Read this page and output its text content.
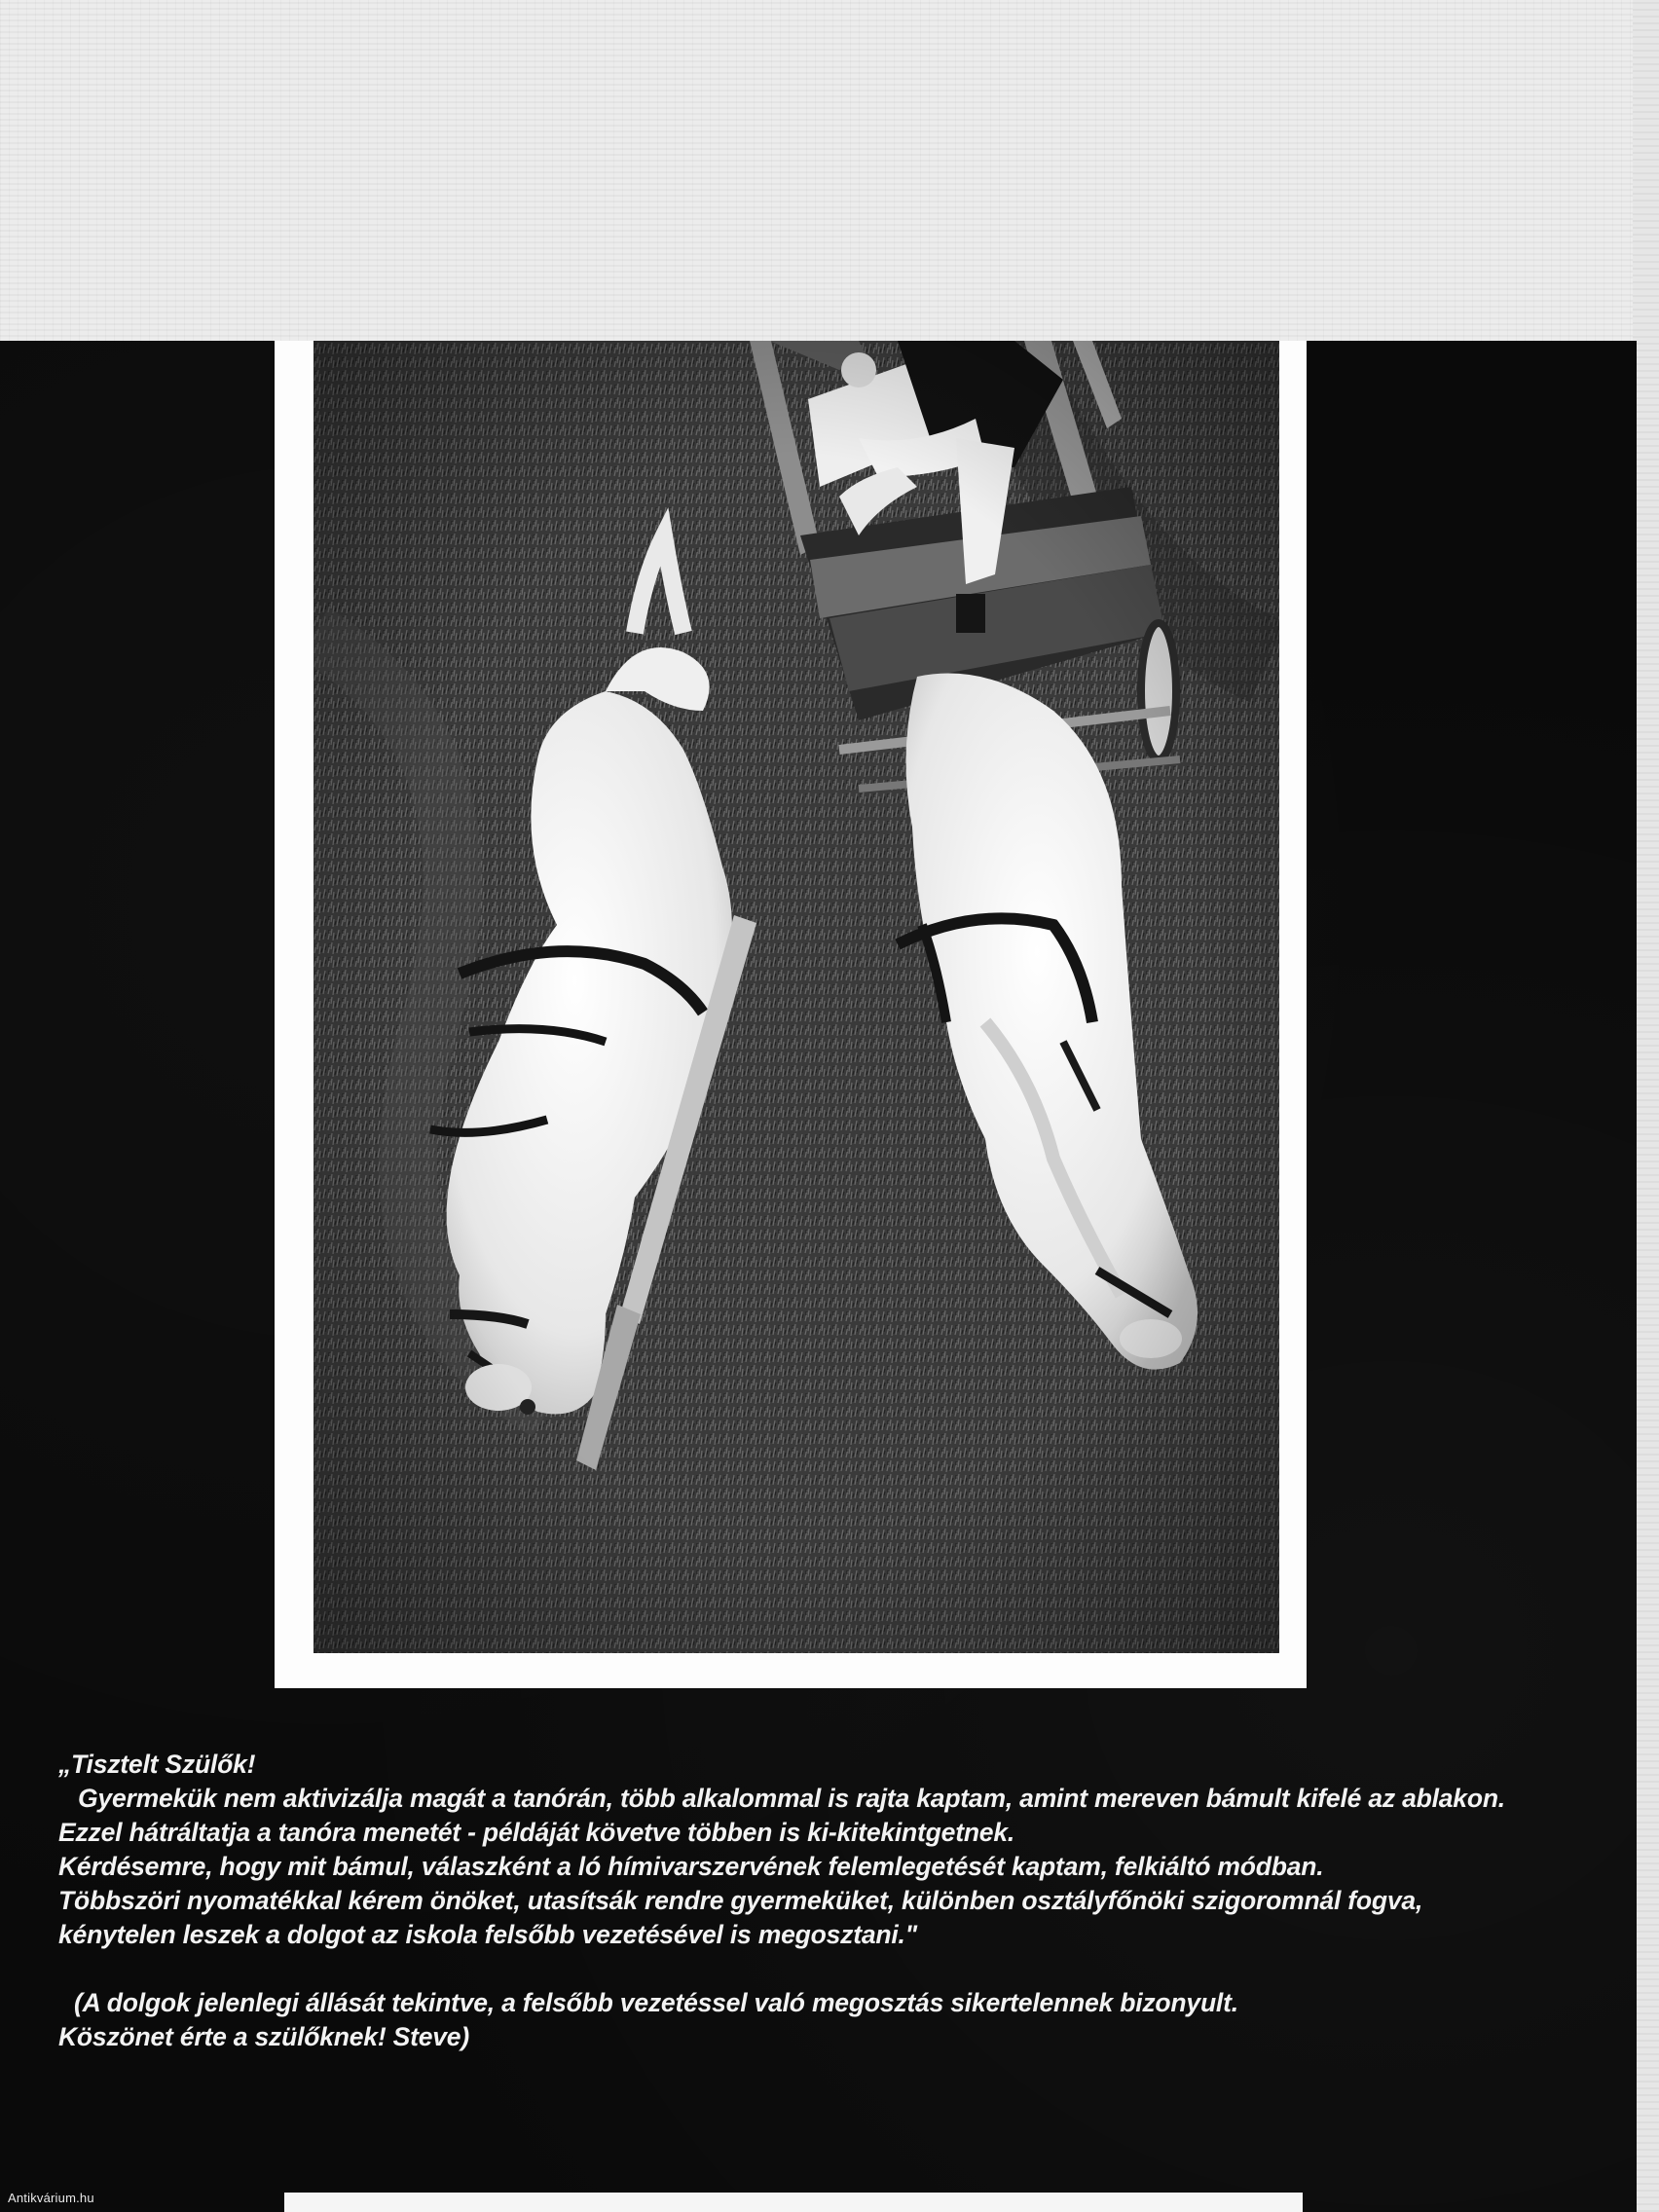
„Tisztelt Szülők!
Gyermekük nem aktivizálja magát a tanórán, több alkalommal is rajta kaptam, amint mereven bámult kifelé az ablakon.
Ezzel hátráltatja a tanóra menetét - példáját követve többen is ki-kitekintgetnek.
Kérdésemre, hogy mit bámul, válaszként a ló hímivarszervének felemlegetését kaptam, felkiáltó módban.
Többszöri nyomatékkal kérem önöket, utasítsák rendre gyermeküket, különben osztályfőnöki szigoromnál fogva,
kénytelen leszek a dolgot az iskola felsőbb vezetésével is megosztani."
(A dolgok jelenlegi állását tekintve, a felsőbb vezetéssel való megosztás sikertelennek bizonyult.
Köszönet érte a szülőknek! Steve)
Antikvárium.hu
